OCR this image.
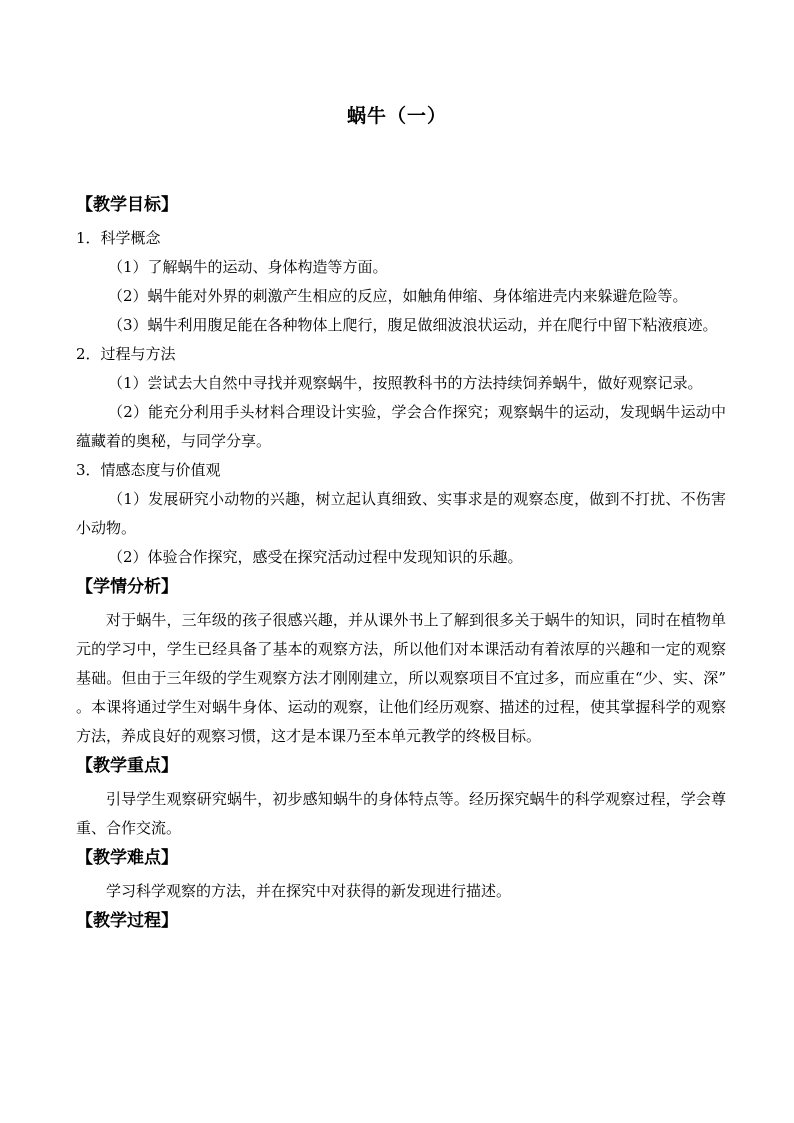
蜗牛（一）
【教学目标】
1．科学概念
（1）了解蜗牛的运动、身体构造等方面。
（2）蜗牛能对外界的刺激产生相应的反应，如触角伸缩、身体缩进壳内来躲避危险等。
（3）蜗牛利用腹足能在各种物体上爬行，腹足做细波浪状运动，并在爬行中留下粘液痕迹。
2．过程与方法
（1）尝试去大自然中寻找并观察蜗牛，按照教科书的方法持续饲养蜗牛，做好观察记录。
（2）能充分利用手头材料合理设计实验，学会合作探究；观察蜗牛的运动，发现蜗牛运动中蕴藏着的奥秘，与同学分享。
3．情感态度与价值观
（1）发展研究小动物的兴趣，树立起认真细致、实事求是的观察态度，做到不打扰、不伤害小动物。
（2）体验合作探究，感受在探究活动过程中发现知识的乐趣。
【学情分析】
对于蜗牛，三年级的孩子很感兴趣，并从课外书上了解到很多关于蜗牛的知识，同时在植物单元的学习中，学生已经具备了基本的观察方法，所以他们对本课活动有着浓厚的兴趣和一定的观察基础。但由于三年级的学生观察方法才刚刚建立，所以观察项目不宜过多，而应重在“少、实、深” 。本课将通过学生对蜗牛身体、运动的观察，让他们经历观察、描述的过程，使其掌握科学的观察方法，养成良好的观察习惯，这才是本课乃至本单元教学的终极目标。
【教学重点】
引导学生观察研究蜗牛，初步感知蜗牛的身体特点等。经历探究蜗牛的科学观察过程，学会尊重、合作交流。
【教学难点】
学习科学观察的方法，并在探究中对获得的新发现进行描述。
【教学过程】
